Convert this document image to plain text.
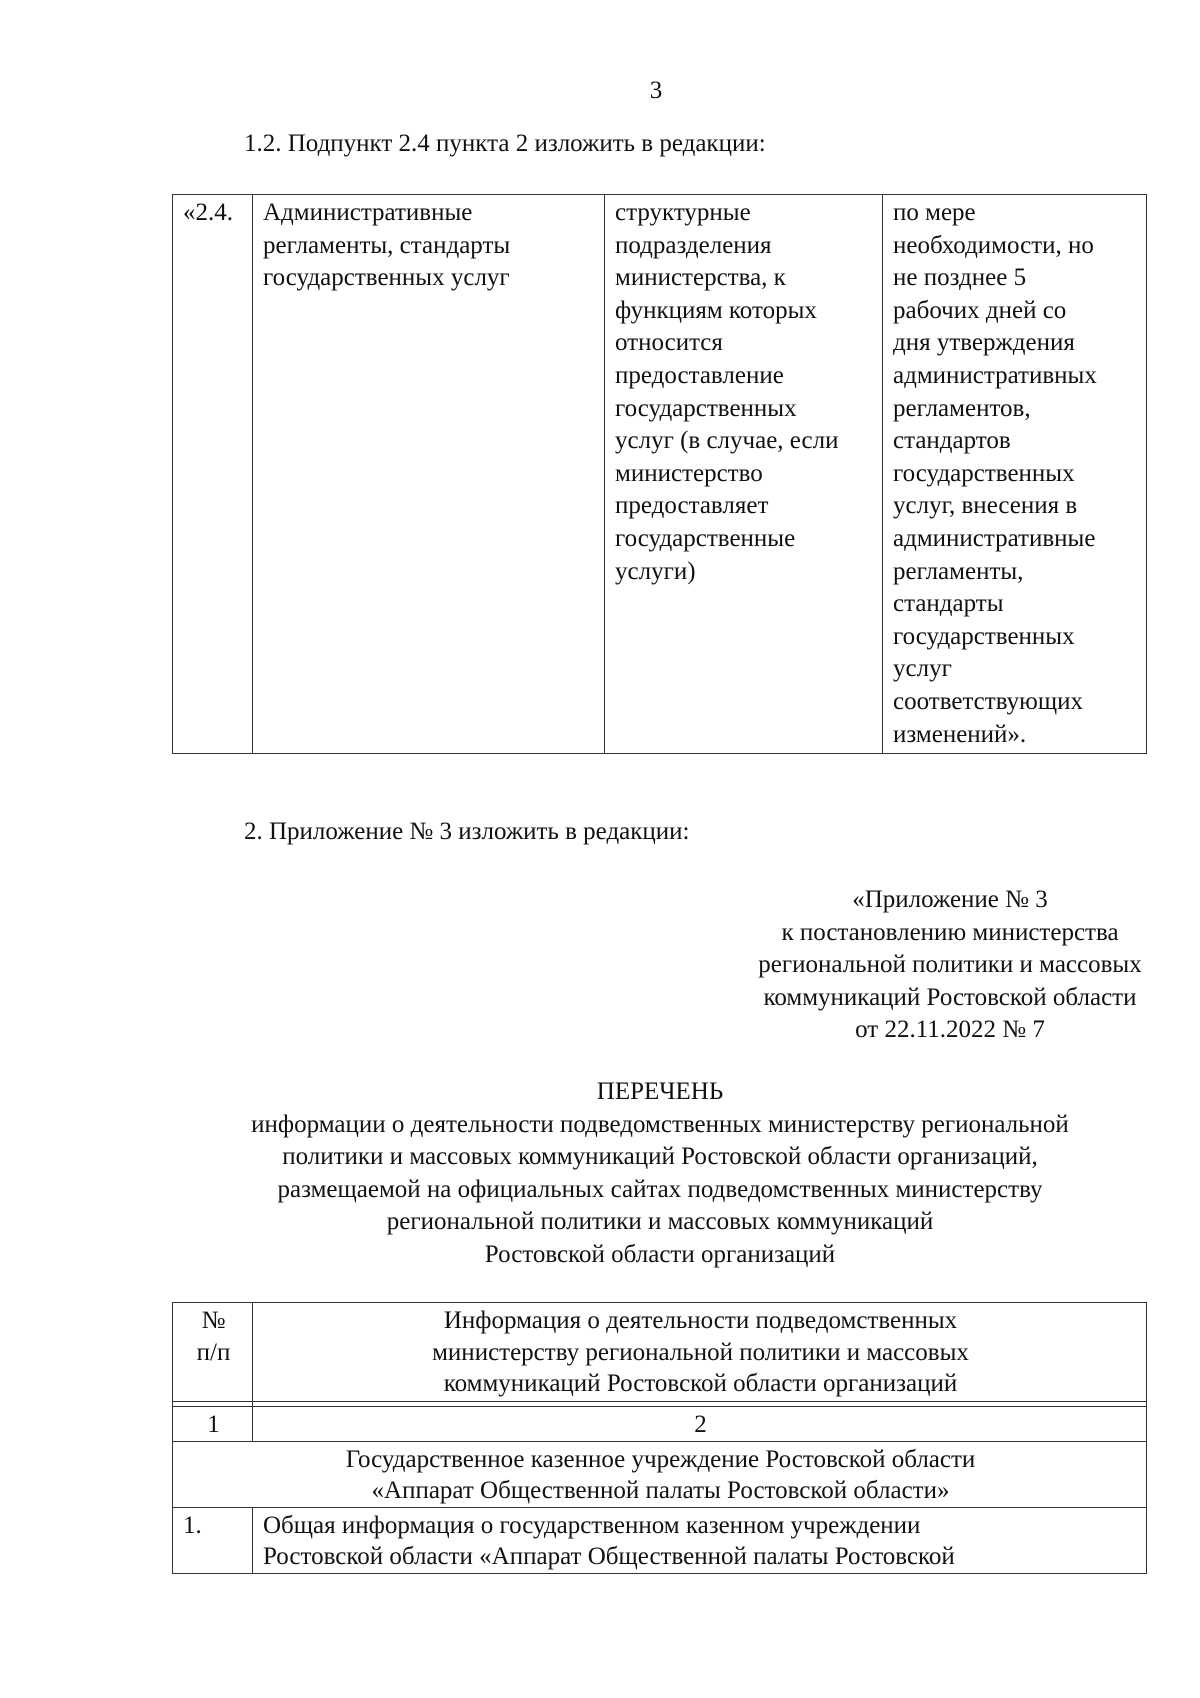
3
1.2. Подпункт 2.4 пункта 2 изложить в редакции:
«2.4.	Административные
регламенты, стандарты
государственных услуг	структурные
подразделения
министерства, к
функциям которых
относится
предоставление
государственных
услуг (в случае, если
министерство
предоставляет
государственные
услуги)	по мере
необходимости, но
не позднее 5
рабочих дней со
дня утверждения
административных
регламентов,
стандартов
государственных
услуг, внесения в
административные
регламенты,
стандарты
государственных
услуг
соответствующих
изменений».
2. Приложение № 3 изложить в редакции:
«Приложение № 3
к постановлению министерства
региональной политики и массовых
коммуникаций Ростовской области
от 22.11.2022 № 7
ПЕРЕЧЕНЬ
информации о деятельности подведомственных министерству региональной
политики и массовых коммуникаций Ростовской области организаций,
размещаемой на официальных сайтах подведомственных министерству
региональной политики и массовых коммуникаций
Ростовской области организаций
№
п/п	Информация о деятельности подведомственных
министерству региональной политики и массовых
коммуникаций Ростовской области организаций

1	2
Государственное казенное учреждение Ростовской области
«Аппарат Общественной палаты Ростовской области»	
1.	Общая информация о государственном казенном учреждении
Ростовской области «Аппарат Общественной палаты Ростовской
